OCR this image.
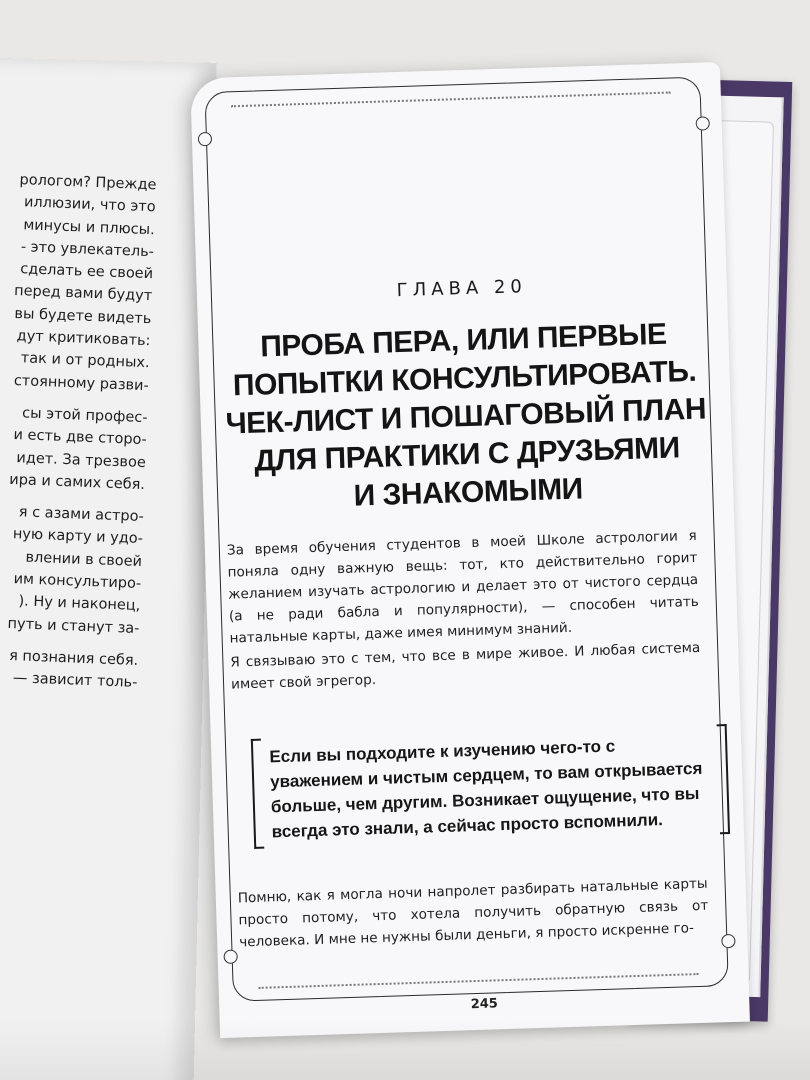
рологом? Прежде
иллюзии, что это
минусы и плюсы.
- это увлекатель-
сделать ее своей
перед вами будут
вы будете видеть
дут критиковать:
так и от родных.
стоянному разви-
сы этой профес-
и есть две сторо-
идет. За трезвое
ира и самих себя.
я с азами астро-
ную карту и удо-
влении в своей
им консультиро-
). Ну и наконец,
путь и станут за-
я познания себя.
— зависит толь-
ГЛАВА 20
ПРОБА ПЕРА, ИЛИ ПЕРВЫЕ
ПОПЫТКИ КОНСУЛЬТИРОВАТЬ.
ЧЕК-ЛИСТ И ПОШАГОВЫЙ ПЛАН
ДЛЯ ПРАКТИКИ С ДРУЗЬЯМИ
И ЗНАКОМЫМИ
За время обучения студентов в моей Школе астрологии я поняла одну важную вещь: тот, кто действительно горит желанием изучать астрологию и делает это от чистого сердца (а не ради бабла и популярности), — способен читать натальные карты, даже имея минимум знаний.
Я связываю это с тем, что все в мире живое. И любая система имеет свой эгрегор.
Если вы подходите к изучению чего-то с уважением и чистым сердцем, то вам открывается больше, чем другим. Возникает ощущение, что вы всегда это знали, а сейчас просто вспомнили.
Помню, как я могла ночи напролет разбирать натальные карты просто потому, что хотела получить обратную связь от человека. И мне не нужны были деньги, я просто искренне го-
245
